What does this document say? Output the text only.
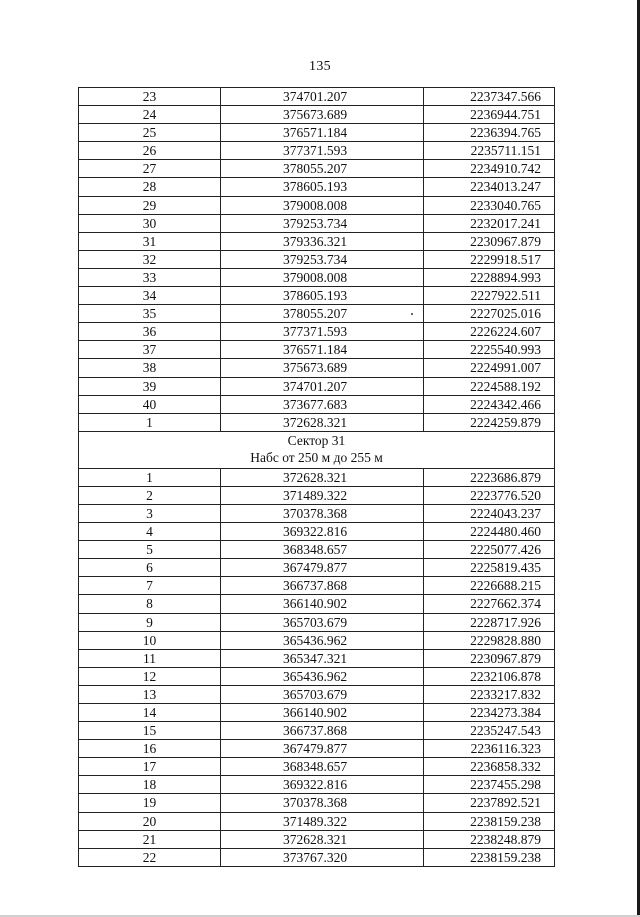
135
23	374701.207	2237347.566
24	375673.689	2236944.751
25	376571.184	2236394.765
26	377371.593	2235711.151
27	378055.207	2234910.742
28	378605.193	2234013.247
29	379008.008	2233040.765
30	379253.734	2232017.241
31	379336.321	2230967.879
32	379253.734	2229918.517
33	379008.008	2228894.993
34	378605.193	2227922.511
35	378055.207	2227025.016
36	377371.593	2226224.607
37	376571.184	2225540.993
38	375673.689	2224991.007
39	374701.207	2224588.192
40	373677.683	2224342.466
1	372628.321	2224259.879

Сектор 31
Набс от 250 м до 255 м		

1	372628.321	2223686.879
2	371489.322	2223776.520
3	370378.368	2224043.237
4	369322.816	2224480.460
5	368348.657	2225077.426
6	367479.877	2225819.435
7	366737.868	2226688.215
8	366140.902	2227662.374
9	365703.679	2228717.926
10	365436.962	2229828.880
11	365347.321	2230967.879
12	365436.962	2232106.878
13	365703.679	2233217.832
14	366140.902	2234273.384
15	366737.868	2235247.543
16	367479.877	2236116.323
17	368348.657	2236858.332
18	369322.816	2237455.298
19	370378.368	2237892.521
20	371489.322	2238159.238
21	372628.321	2238248.879
22	373767.320	2238159.238
